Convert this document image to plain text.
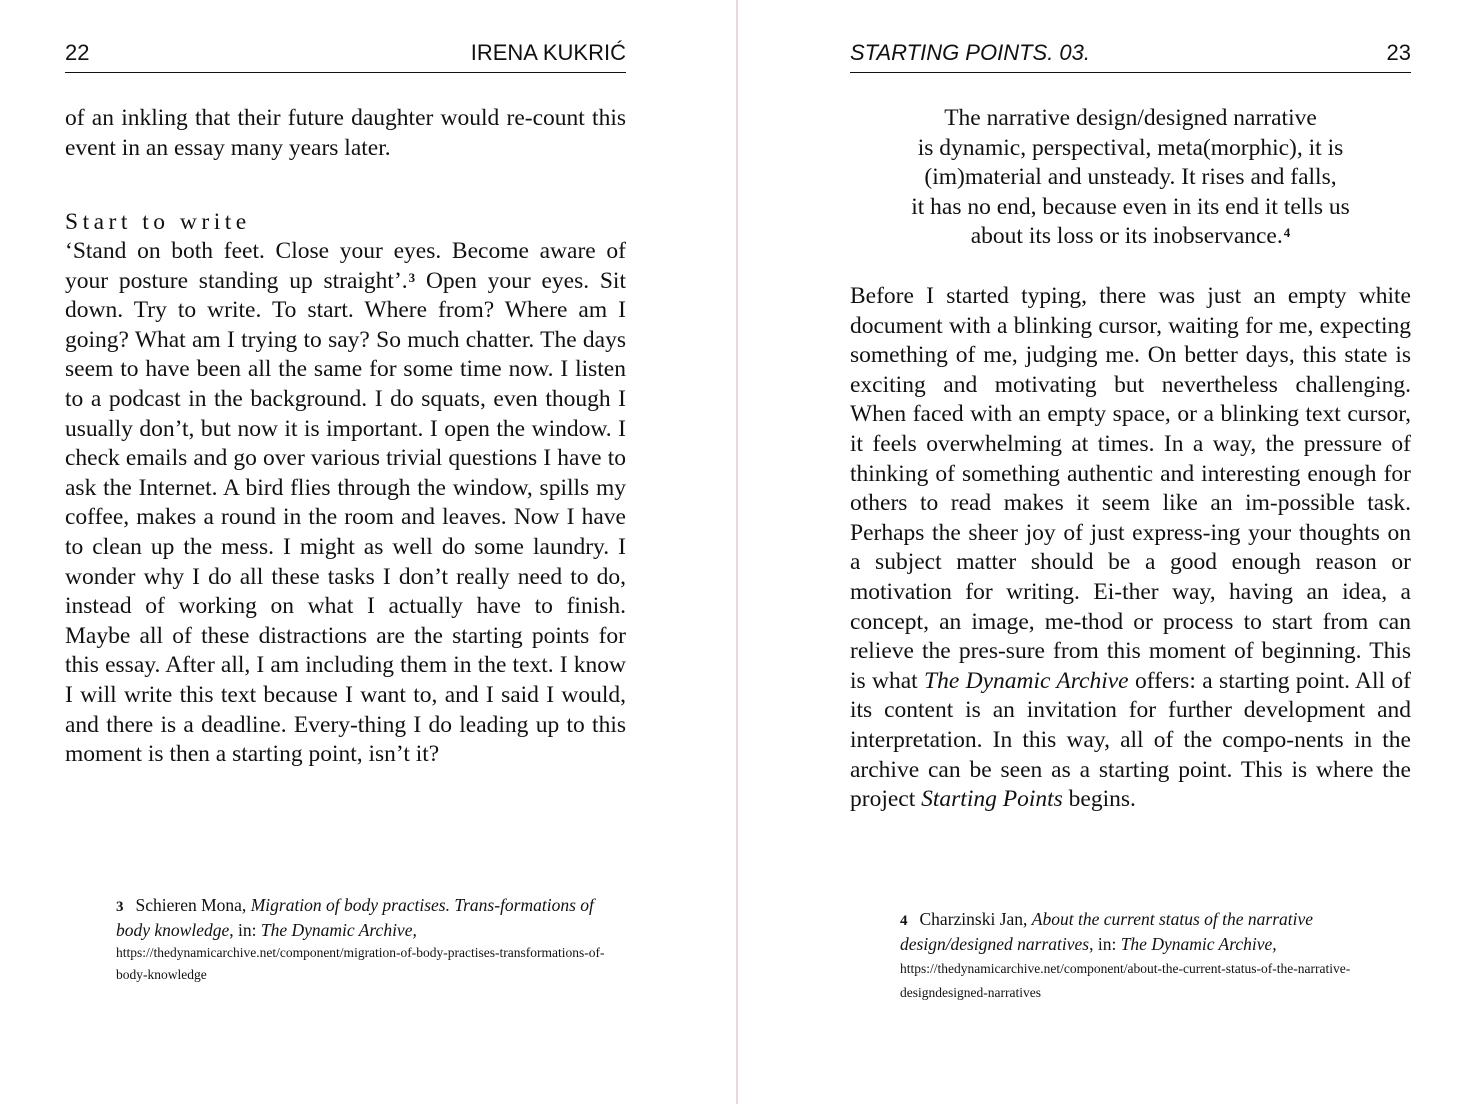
22	IRENA KUKRIĆ
of an inkling that their future daughter would re-count this event in an essay many years later.
Start to write
‘Stand on both feet. Close your eyes. Become aware of your posture standing up straight’.$^3$ Open your eyes. Sit down. Try to write. To start. Where from? Where am I going? What am I trying to say? So much chatter. The days seem to have been all the same for some time now. I listen to a podcast in the background. I do squats, even though I usually don’t, but now it is important. I open the window. I check emails and go over various trivial questions I have to ask the Internet. A bird flies through the window, spills my coffee, makes a round in the room and leaves. Now I have to clean up the mess. I might as well do some laundry. I wonder why I do all these tasks I don’t really need to do, instead of working on what I actually have to finish. Maybe all of these distractions are the starting points for this essay. After all, I am including them in the text. I know I will write this text because I want to, and I said I would, and there is a deadline. Every-thing I do leading up to this moment is then a starting point, isn’t it?
3 Schieren Mona, Migration of body practises. Trans-formations of body knowledge, in: The Dynamic Archive,
https://thedynamicarchive.net/component/migration-of-body-practises-transformations-of-body-knowledge
STARTING POINTS. 03.	23
The narrative design/designed narrative
is dynamic, perspectival, meta(morphic), it is
(im)material and unsteady. It rises and falls,
it has no end, because even in its end it tells us
about its loss or its inobservance.$^4$
Before I started typing, there was just an empty white document with a blinking cursor, waiting for me, expecting something of me, judging me. On better days, this state is exciting and motivating but nevertheless challenging. When faced with an empty space, or a blinking text cursor, it feels overwhelming at times. In a way, the pressure of thinking of something authentic and interesting enough for others to read makes it seem like an im-possible task. Perhaps the sheer joy of just express-ing your thoughts on a subject matter should be a good enough reason or motivation for writing. Ei-ther way, having an idea, a concept, an image, me-thod or process to start from can relieve the pres-sure from this moment of beginning. This is what The Dynamic Archive offers: a starting point. All of its content is an invitation for further development and interpretation. In this way, all of the compo-nents in the archive can be seen as a starting point. This is where the project Starting Points begins.
4 Charzinski Jan, About the current status of the narrative design/designed narratives, in: The Dynamic Archive, https://thedynamicarchive.net/component/about-the-current-status-of-the-narrative-designdesigned-narratives
